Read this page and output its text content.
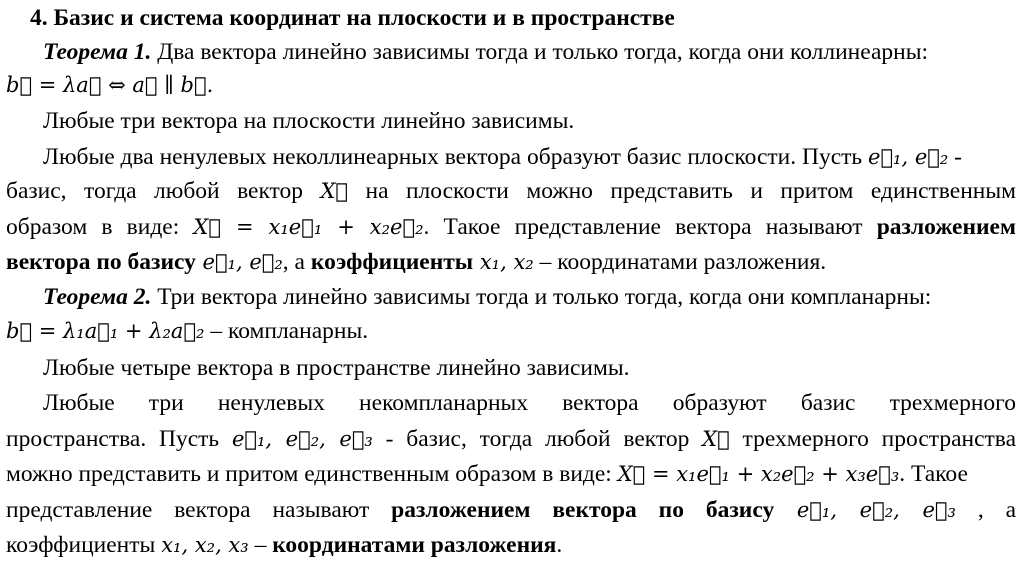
4. Базис и система координат на плоскости и в пространстве
Теорема 1. Два вектора линейно зависимы тогда и только тогда, когда они коллинеарны:
b⃗ = λa⃗ ⇔ a⃗ ∥ b⃗.
Любые три вектора на плоскости линейно зависимы.
Любые два ненулевых неколлинеарных вектора образуют базис плоскости. Пусть e⃗₁, e⃗₂ -
базис, тогда любой вектор X⃗ на плоскости можно представить и притом единственным
образом в виде: X⃗ = x₁e⃗₁ + x₂e⃗₂. Такое представление вектора называют разложением
вектора по базису e⃗₁, e⃗₂, а коэффициенты x₁, x₂ – координатами разложения.
Теорема 2. Три вектора линейно зависимы тогда и только тогда, когда они компланарны:
b⃗ = λ₁a⃗₁ + λ₂a⃗₂ – компланарны.
Любые четыре вектора в пространстве линейно зависимы.
Любые три ненулевых некомпланарных вектора образуют базис трехмерного
пространства. Пусть e⃗₁, e⃗₂, e⃗₃ - базис, тогда любой вектор X⃗ трехмерного пространства
можно представить и притом единственным образом в виде: X⃗ = x₁e⃗₁ + x₂e⃗₂ + x₃e⃗₃. Такое
представление вектора называют разложением вектора по базису e⃗₁, e⃗₂, e⃗₃ , а
коэффициенты x₁, x₂, x₃ – координатами разложения.
